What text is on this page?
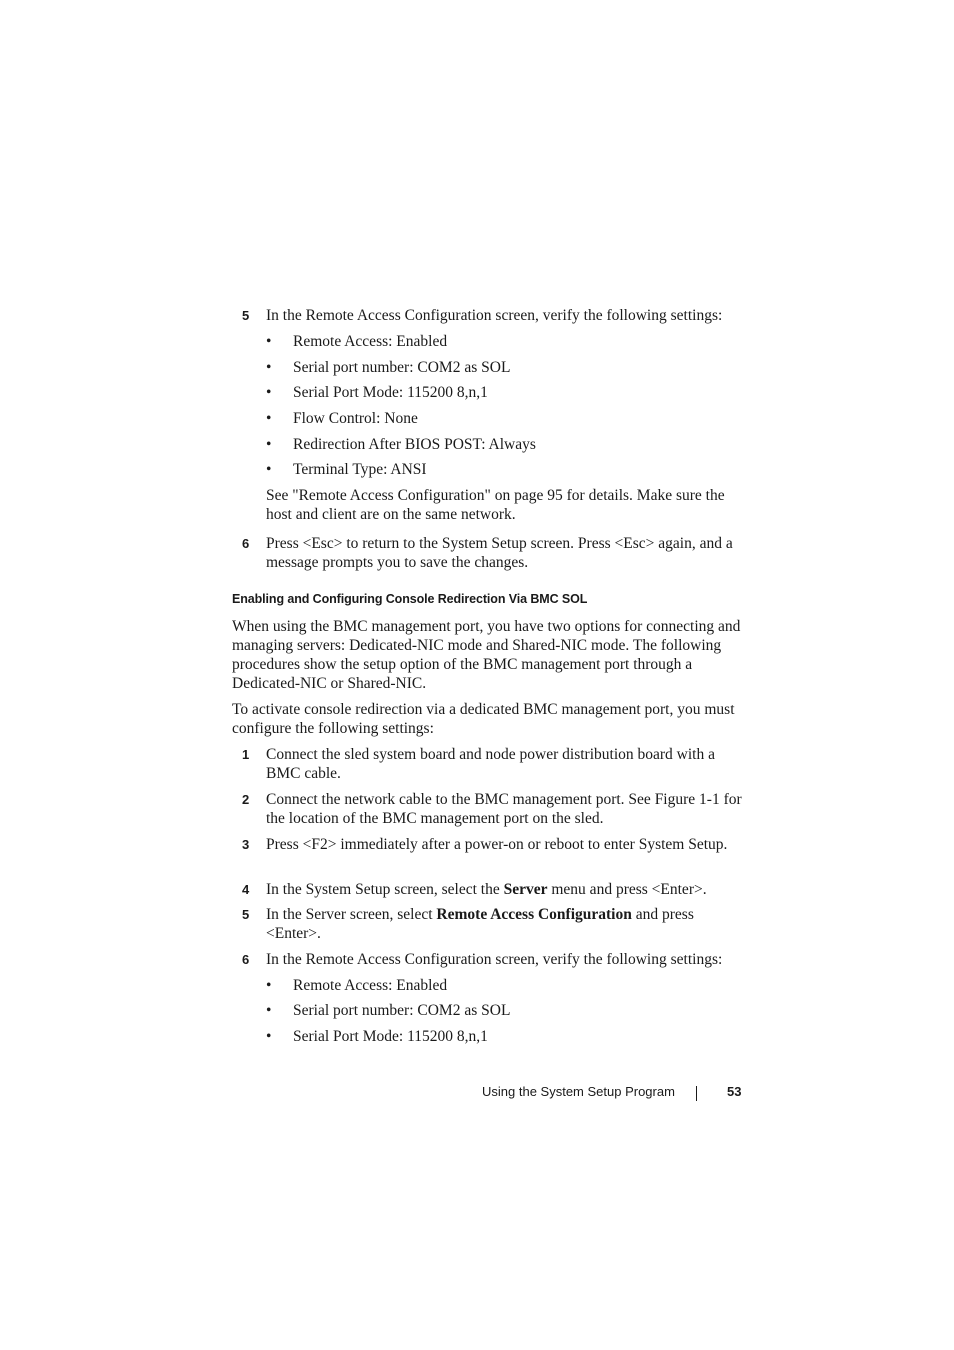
5 In the Remote Access Configuration screen, verify the following settings:
• Remote Access: Enabled
• Serial port number: COM2 as SOL
• Serial Port Mode: 115200 8,n,1
• Flow Control: None
• Redirection After BIOS POST: Always
• Terminal Type: ANSI
See "Remote Access Configuration" on page 95 for details. Make sure the host and client are on the same network.
6 Press <Esc> to return to the System Setup screen. Press <Esc> again, and a message prompts you to save the changes.
Enabling and Configuring Console Redirection Via BMC SOL
When using the BMC management port, you have two options for connecting and managing servers: Dedicated-NIC mode and Shared-NIC mode. The following procedures show the setup option of the BMC management port through a Dedicated-NIC or Shared-NIC.
To activate console redirection via a dedicated BMC management port, you must configure the following settings:
1 Connect the sled system board and node power distribution board with a BMC cable.
2 Connect the network cable to the BMC management port. See Figure 1-1 for the location of the BMC management port on the sled.
3 Press <F2> immediately after a power-on or reboot to enter System Setup.
4 In the System Setup screen, select the Server menu and press <Enter>.
5 In the Server screen, select Remote Access Configuration and press <Enter>.
6 In the Remote Access Configuration screen, verify the following settings:
• Remote Access: Enabled
• Serial port number: COM2 as SOL
• Serial Port Mode: 115200 8,n,1
Using the System Setup Program	53
